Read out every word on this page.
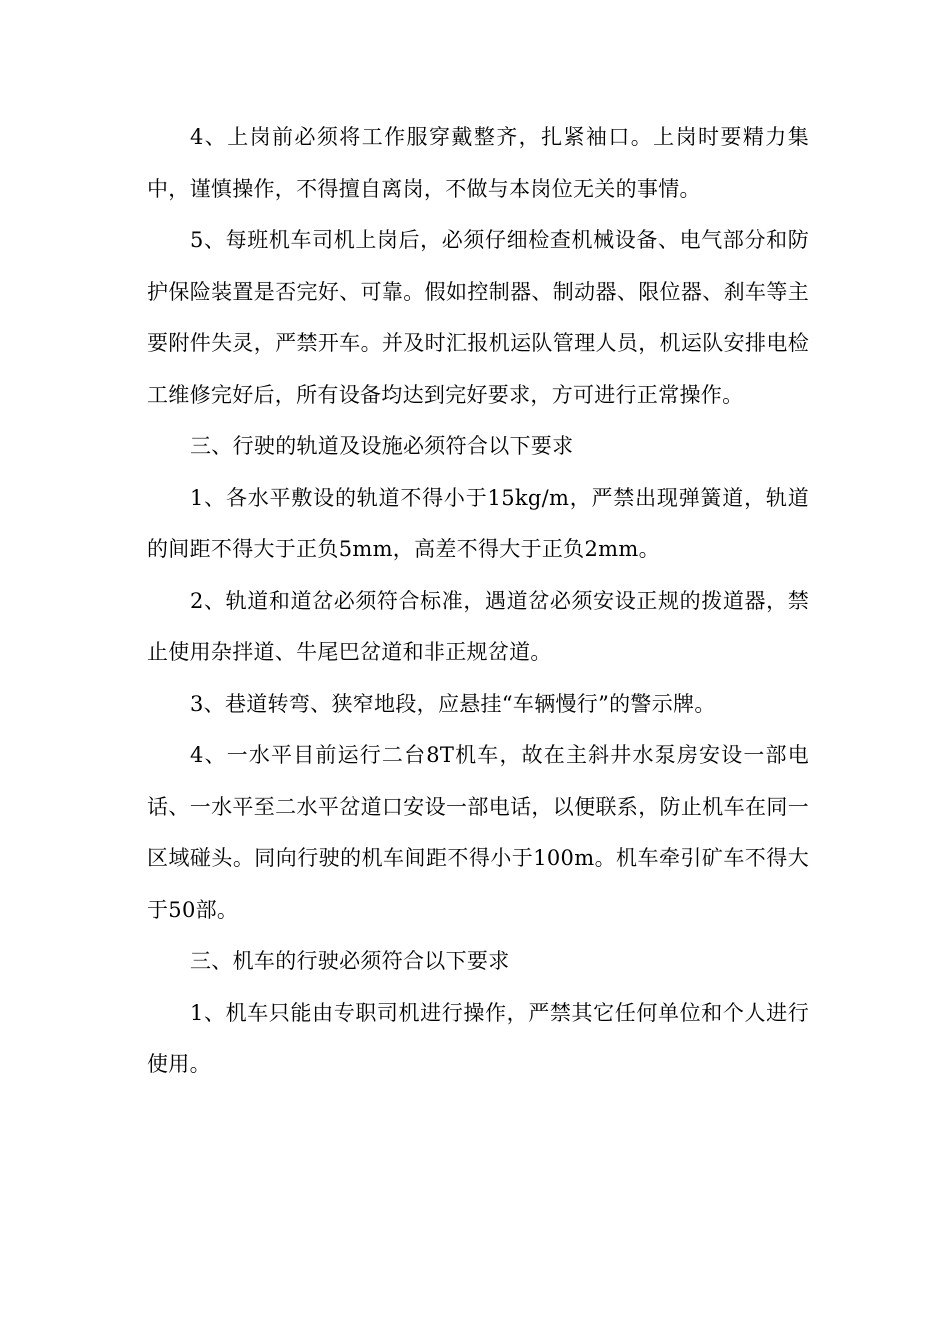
4、上岗前必须将工作服穿戴整齐，扎紧袖口。上岗时要精力集中，谨慎操作，不得擅自离岗，不做与本岗位无关的事情。

5、每班机车司机上岗后，必须仔细检查机械设备、电气部分和防护保险装置是否完好、可靠。假如控制器、制动器、限位器、刹车等主要附件失灵，严禁开车。并及时汇报机运队管理人员，机运队安排电检工维修完好后，所有设备均达到完好要求，方可进行正常操作。

三、行驶的轨道及设施必须符合以下要求

1、各水平敷设的轨道不得小于15kg/m，严禁出现弹簧道，轨道的间距不得大于正负5mm，高差不得大于正负2mm。

2、轨道和道岔必须符合标准，遇道岔必须安设正规的拨道器，禁止使用杂拌道、牛尾巴岔道和非正规岔道。

3、巷道转弯、狭窄地段，应悬挂“车辆慢行”的警示牌。

4、一水平目前运行二台8T机车，故在主斜井水泵房安设一部电话、一水平至二水平岔道口安设一部电话，以便联系，防止机车在同一区域碰头。同向行驶的机车间距不得小于100m。机车牵引矿车不得大于50部。

三、机车的行驶必须符合以下要求

1、机车只能由专职司机进行操作，严禁其它任何单位和个人进行使用。
